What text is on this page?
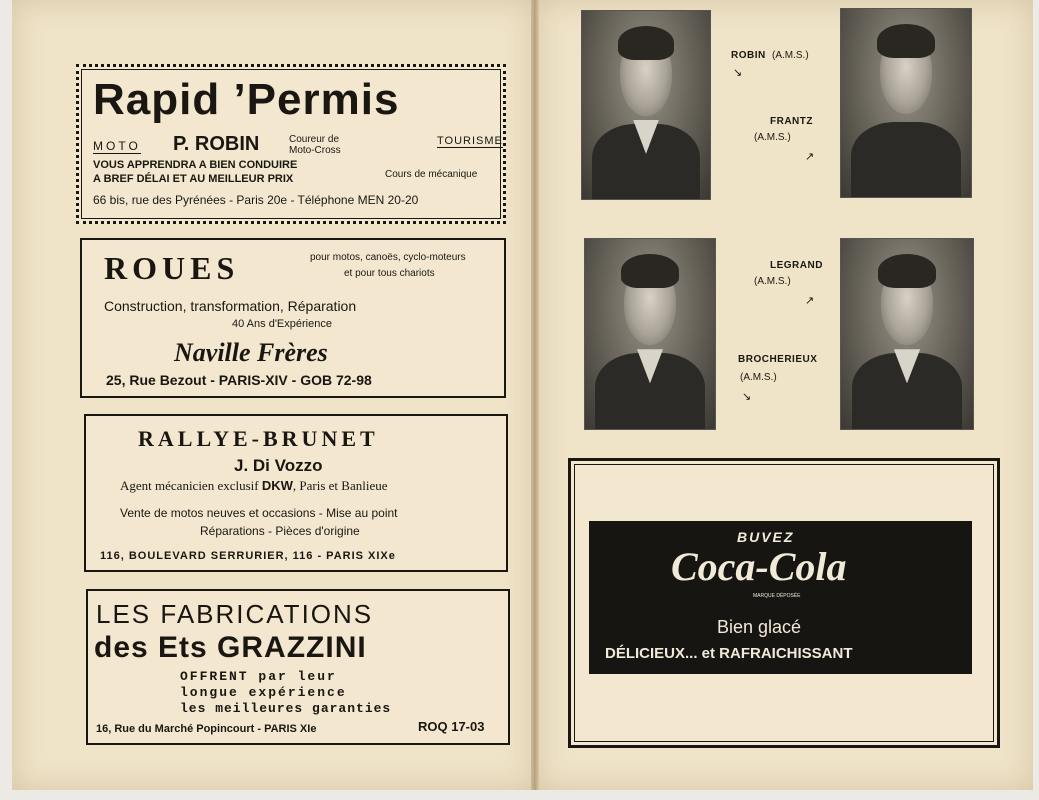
Rapid ’Permis
MOTO P. ROBIN	Coureur de Moto-Cross
TOURISME
VOUS APPRENDRA A BIEN CONDUIRE
A BREF DÉLAI ET AU MEILLEUR PRIX	Cours de mécanique
66 bis, rue des Pyrénées - Paris 20e - Téléphone MEN 20-20
ROUES	pour motos, canoës, cyclo-moteurs
et pour tous chariots
Construction, transformation, Réparation
40 Ans d'Expérience
Naville Frères
25, Rue Bezout - PARIS-XIV - GOB 72-98
RALLYE-BRUNET
J. Di Vozzo
Agent mécanicien exclusif DKW, Paris et Banlieue
Vente de motos neuves et occasions - Mise au point
Réparations - Pièces d'origine
116, BOULEVARD SERRURIER, 116 - PARIS XIXe
LES FABRICATIONS
des Ets GRAZZINI
OFFRENT par leur
longue expérience
les meilleures garanties
16, Rue du Marché Popincourt - PARIS XIe	ROQ 17-03
ROBIN (A.M.S.)
↘
FRANTZ
(A.M.S.)
↗
LEGRAND
(A.M.S.)
↗
BROCHERIEUX
(A.M.S.)
↘
BUVEZ
Coca-Cola
MARQUE DÉPOSÉE
Bien glacé
DÉLICIEUX... et RAFRAICHISSANT
